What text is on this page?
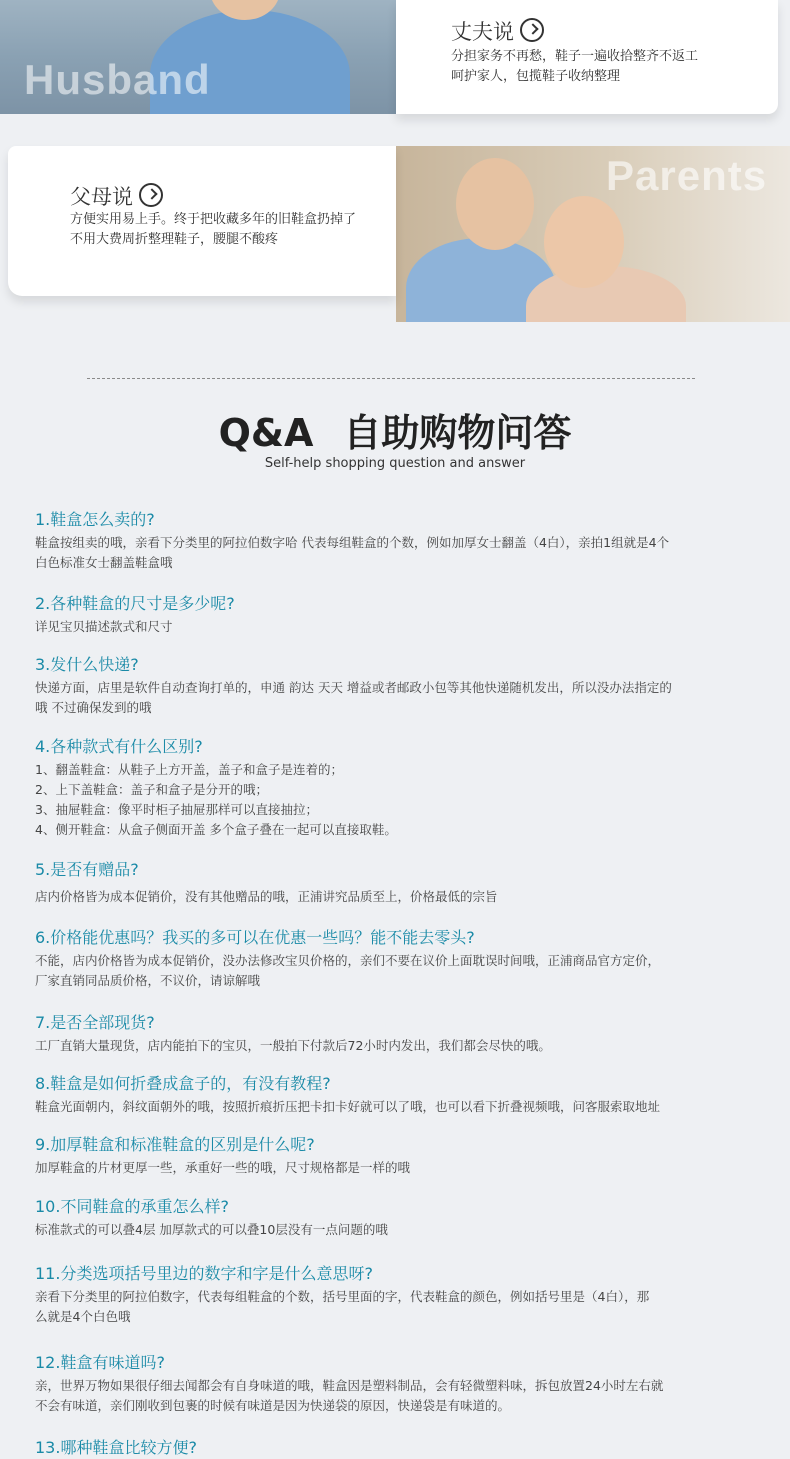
Husband
丈夫说
分担家务不再愁，鞋子一遍收拾整齐不返工
呵护家人，包揽鞋子收纳整理
Parents
父母说
方便实用易上手。终于把收藏多年的旧鞋盒扔掉了
不用大费周折整理鞋子，腰腿不酸疼
Q&A 自助购物问答
Self-help shopping question and answer

1.鞋盒怎么卖的?

鞋盒按组卖的哦，亲看下分类里的阿拉伯数字哈 代表每组鞋盒的个数，例如加厚女士翻盖（4白），亲拍1组就是4个
白色标准女士翻盖鞋盒哦

2.各种鞋盒的尺寸是多少呢?

详见宝贝描述款式和尺寸

3.发什么快递?

快递方面，店里是软件自动查询打单的，申通 韵达 天天 增益或者邮政小包等其他快递随机发出，所以没办法指定的
哦 不过确保发到的哦

4.各种款式有什么区别?

1、翻盖鞋盒：从鞋子上方开盖，盖子和盒子是连着的；
2、上下盖鞋盒：盖子和盒子是分开的哦；
3、抽屉鞋盒：像平时柜子抽屉那样可以直接抽拉；
4、侧开鞋盒：从盒子侧面开盖 多个盒子叠在一起可以直接取鞋。

5.是否有赠品?

店内价格皆为成本促销价，没有其他赠品的哦，正浦讲究品质至上，价格最低的宗旨

6.价格能优惠吗？我买的多可以在优惠一些吗？能不能去零头?

不能，店内价格皆为成本促销价，没办法修改宝贝价格的，亲们不要在议价上面耽误时间哦，正浦商品官方定价，
厂家直销同品质价格，不议价，请谅解哦

7.是否全部现货?

工厂直销大量现货，店内能拍下的宝贝，一般拍下付款后72小时内发出，我们都会尽快的哦。

8.鞋盒是如何折叠成盒子的，有没有教程?

鞋盒光面朝内，斜纹面朝外的哦，按照折痕折压把卡扣卡好就可以了哦，也可以看下折叠视频哦，问客服索取地址

9.加厚鞋盒和标准鞋盒的区别是什么呢?

加厚鞋盒的片材更厚一些，承重好一些的哦，尺寸规格都是一样的哦

10.不同鞋盒的承重怎么样?

标准款式的可以叠4层 加厚款式的可以叠10层没有一点问题的哦

11.分类选项括号里边的数字和字是什么意思呀?

亲看下分类里的阿拉伯数字，代表每组鞋盒的个数，括号里面的字，代表鞋盒的颜色，例如括号里是（4白），那
么就是4个白色哦

12.鞋盒有味道吗?

亲，世界万物如果很仔细去闻都会有自身味道的哦，鞋盒因是塑料制品，会有轻微塑料味，拆包放置24小时左右就
不会有味道，亲们刚收到包裹的时候有味道是因为快递袋的原因，快递袋是有味道的。

13.哪种鞋盒比较方便?
